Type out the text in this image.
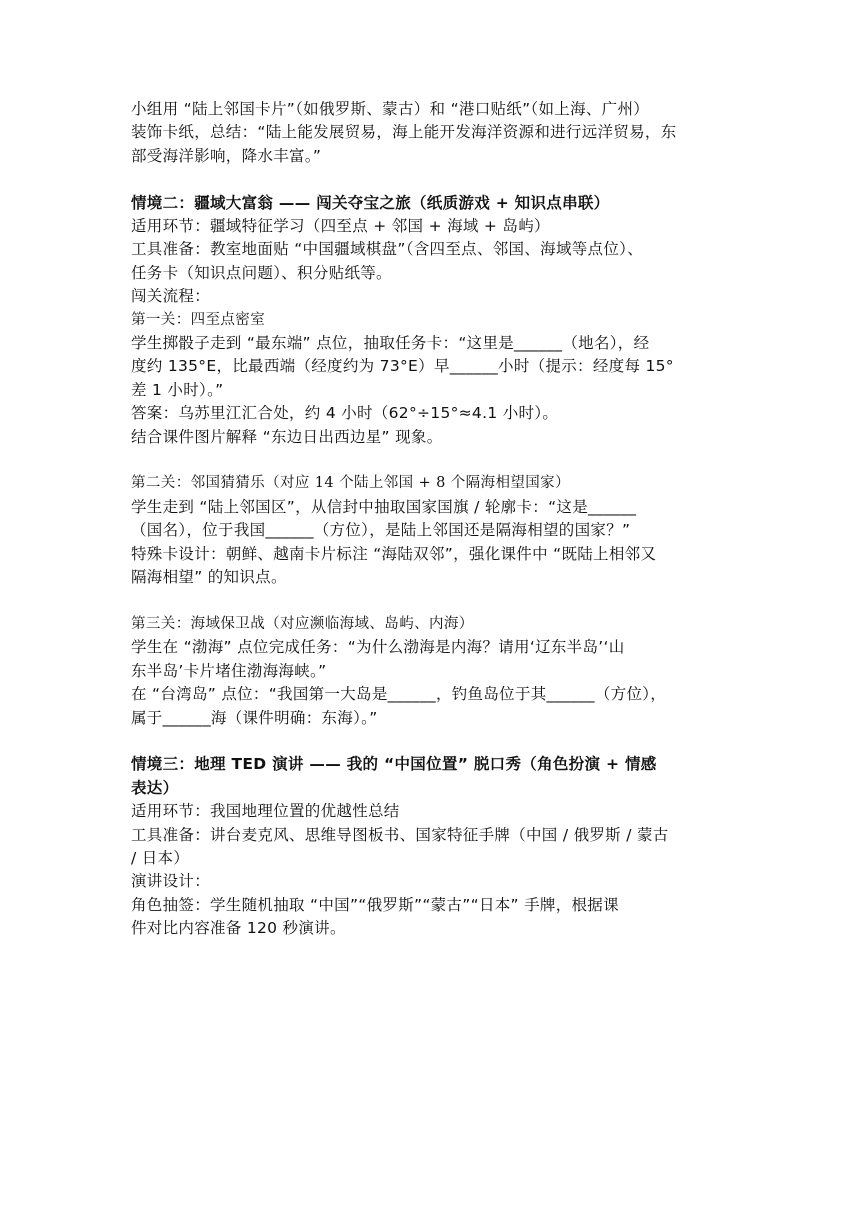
小组用 “陆上邻国卡片”（如俄罗斯、蒙古）和 “港口贴纸”（如上海、广州）
装饰卡纸，总结：“陆上能发展贸易，海上能开发海洋资源和进行远洋贸易，东
部受海洋影响，降水丰富。”
情境二：疆域大富翁 —— 闯关夺宝之旅（纸质游戏 + 知识点串联）
适用环节：疆域特征学习（四至点 + 邻国 + 海域 + 岛屿）
工具准备：教室地面贴 “中国疆域棋盘”（含四至点、邻国、海域等点位）、
任务卡（知识点问题）、积分贴纸等。
闯关流程：
第一关：四至点密室
学生掷骰子走到 “最东端” 点位，抽取任务卡：“这里是______（地名），经
度约 135°E，比最西端（经度约为 73°E）早______小时（提示：经度每 15°
差 1 小时）。”
答案：乌苏里江汇合处，约 4 小时（62°÷15°≈4.1 小时）。
结合课件图片解释 “东边日出西边星” 现象。
第二关：邻国猜猜乐（对应 14 个陆上邻国 + 8 个隔海相望国家）
学生走到 “陆上邻国区”，从信封中抽取国家国旗 / 轮廓卡：“这是______
（国名），位于我国______（方位），是陆上邻国还是隔海相望的国家？”
特殊卡设计：朝鲜、越南卡片标注 “海陆双邻”，强化课件中 “既陆上相邻又
隔海相望” 的知识点。
第三关：海域保卫战（对应濒临海域、岛屿、内海）
学生在 “渤海” 点位完成任务：“为什么渤海是内海？请用‘辽东半岛’‘山
东半岛’卡片堵住渤海海峡。”
在 “台湾岛” 点位：“我国第一大岛是______，钓鱼岛位于其______（方位），
属于______海（课件明确：东海）。”
情境三：地理 TED 演讲 —— 我的 “中国位置” 脱口秀（角色扮演 + 情感
表达）
适用环节：我国地理位置的优越性总结
工具准备：讲台麦克风、思维导图板书、国家特征手牌（中国 / 俄罗斯 / 蒙古
/ 日本）
演讲设计：
角色抽签：学生随机抽取 “中国”“俄罗斯”“蒙古”“日本” 手牌，根据课
件对比内容准备 120 秒演讲。
